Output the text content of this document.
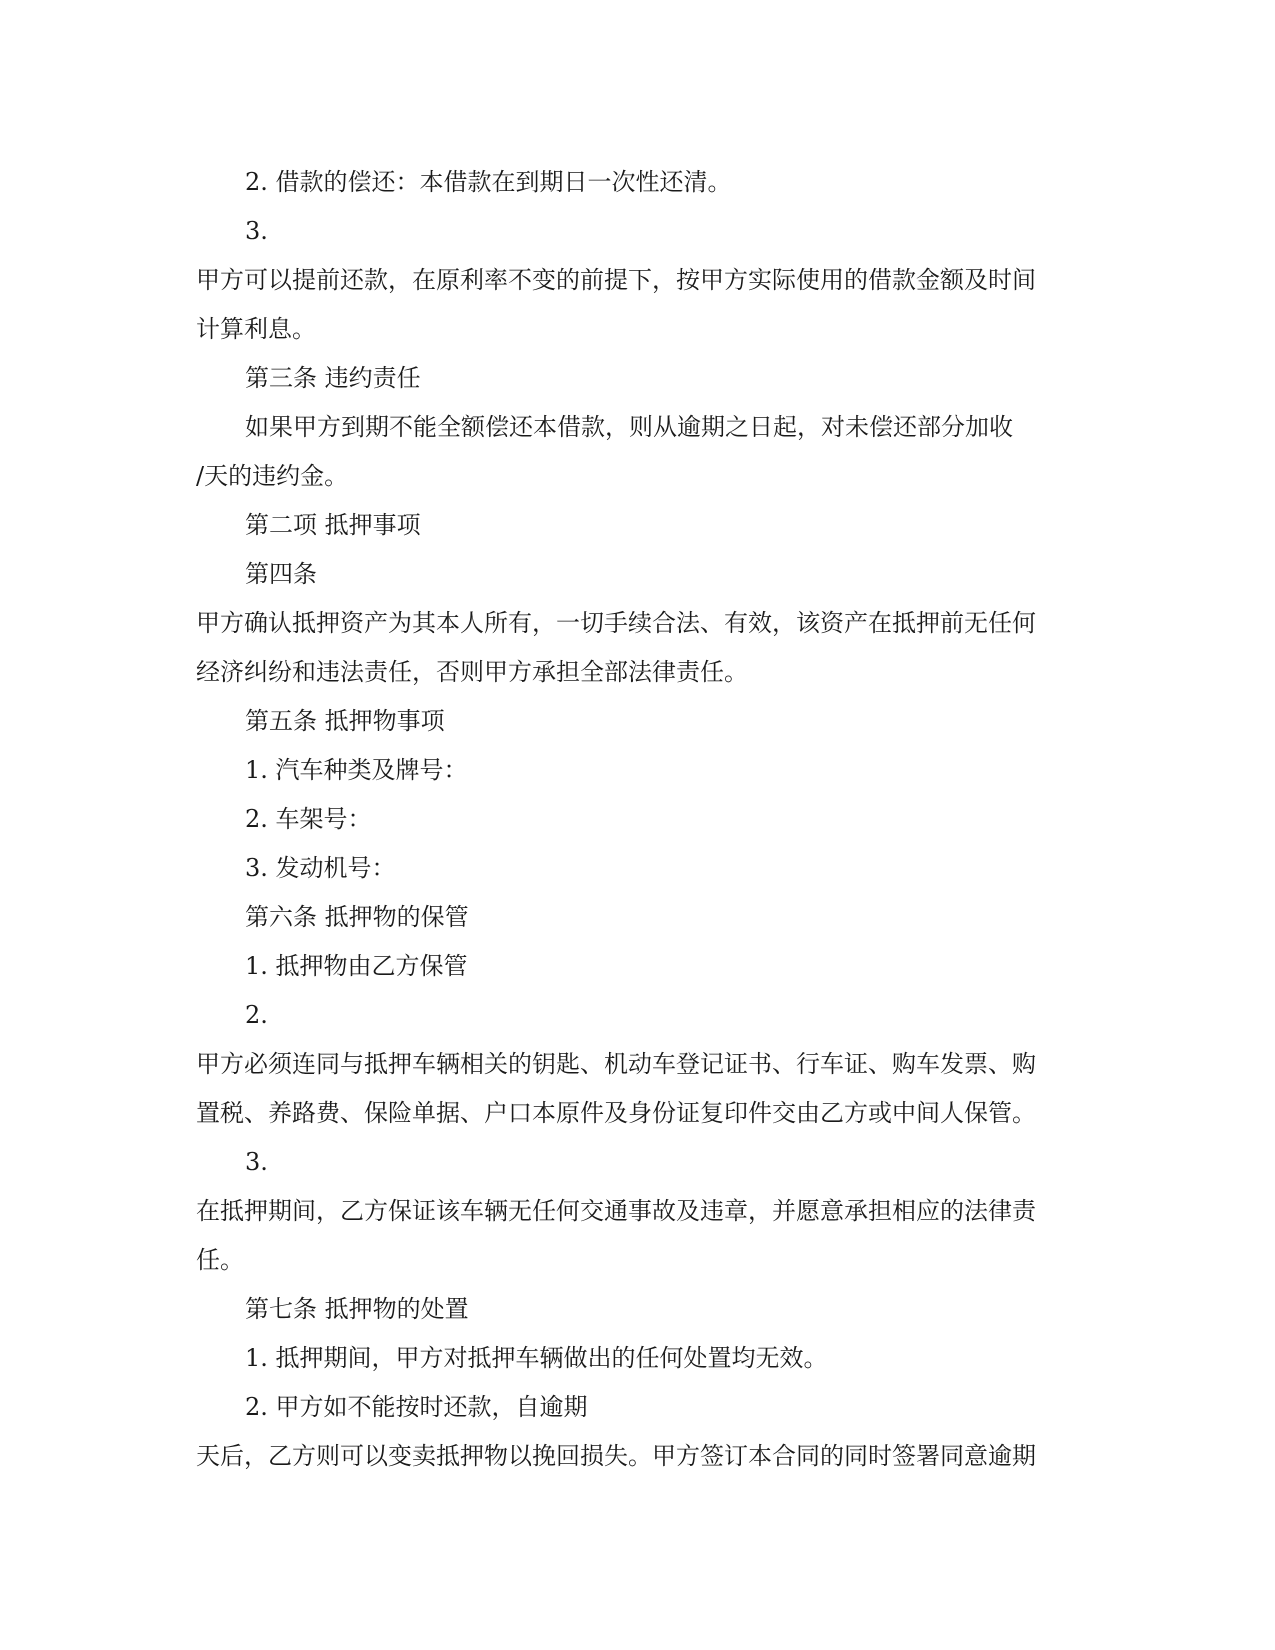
2. 借款的偿还：本借款在到期日一次性还清。

3.

甲方可以提前还款，在原利率不变的前提下，按甲方实际使用的借款金额及时间

计算利息。

第三条 违约责任

如果甲方到期不能全额偿还本借款，则从逾期之日起，对未偿还部分加收

/天的违约金。

第二项 抵押事项

第四条

甲方确认抵押资产为其本人所有，一切手续合法、有效，该资产在抵押前无任何

经济纠纷和违法责任，否则甲方承担全部法律责任。

第五条 抵押物事项

1. 汽车种类及牌号：

2. 车架号：

3. 发动机号：

第六条 抵押物的保管

1. 抵押物由乙方保管

2.

甲方必须连同与抵押车辆相关的钥匙、机动车登记证书、行车证、购车发票、购

置税、养路费、保险单据、户口本原件及身份证复印件交由乙方或中间人保管。

3.

在抵押期间，乙方保证该车辆无任何交通事故及违章，并愿意承担相应的法律责

任。

第七条 抵押物的处置

1. 抵押期间，甲方对抵押车辆做出的任何处置均无效。

2. 甲方如不能按时还款，自逾期

天后，乙方则可以变卖抵押物以挽回损失。甲方签订本合同的同时签署同意逾期
